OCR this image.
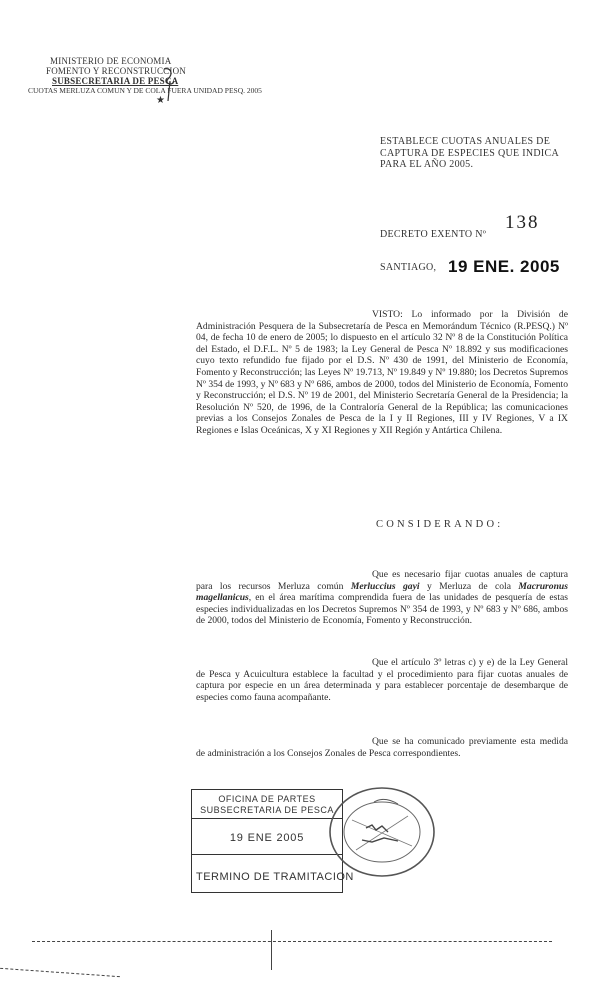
MINISTERIO DE ECONOMIA
FOMENTO Y RECONSTRUCCION
SUBSECRETARIA DE PESCA
CUOTAS MERLUZA COMUN Y DE COLA FUERA UNIDAD PESQ. 2005
★
ESTABLECE CUOTAS ANUALES DE
CAPTURA DE ESPECIES QUE INDICA
PARA EL AÑO 2005.
DECRETO EXENTO Nº
138
SANTIAGO, 19 ENE. 2005
VISTO: Lo informado por la División de Administración Pesquera de la Subsecretaría de Pesca en Memorándum Técnico (R.PESQ.) Nº 04, de fecha 10 de enero de 2005; lo dispuesto en el artículo 32 Nº 8 de la Constitución Política del Estado, el D.F.L. Nº 5 de 1983; la Ley General de Pesca Nº 18.892 y sus modificaciones cuyo texto refundido fue fijado por el D.S. Nº 430 de 1991, del Ministerio de Economía, Fomento y Reconstrucción; las Leyes Nº 19.713, Nº 19.849 y Nº 19.880; los Decretos Supremos Nº 354 de 1993, y Nº 683 y Nº 686, ambos de 2000, todos del Ministerio de Economía, Fomento y Reconstrucción; el D.S. Nº 19 de 2001, del Ministerio Secretaría General de la Presidencia; la Resolución Nº 520, de 1996, de la Contraloría General de la República; las comunicaciones previas a los Consejos Zonales de Pesca de la I y II Regiones, III y IV Regiones, V a IX Regiones e Islas Oceánicas, X y XI Regiones y XII Región y Antártica Chilena.
CONSIDERANDO:
Que es necesario fijar cuotas anuales de captura para los recursos Merluza común Merluccius gayi y Merluza de cola Macruronus magellanicus, en el área marítima comprendida fuera de las unidades de pesquería de estas especies individualizadas en los Decretos Supremos Nº 354 de 1993, y Nº 683 y Nº 686, ambos de 2000, todos del Ministerio de Economía, Fomento y Reconstrucción.
Que el artículo 3º letras c) y e) de la Ley General de Pesca y Acuicultura establece la facultad y el procedimiento para fijar cuotas anuales de captura por especie en un área determinada y para establecer porcentaje de desembarque de especies como fauna acompañante.
Que se ha comunicado previamente esta medida de administración a los Consejos Zonales de Pesca correspondientes.
OFICINA DE PARTES
SUBSECRETARIA DE PESCA
19 ENE 2005
TERMINO DE TRAMITACION
